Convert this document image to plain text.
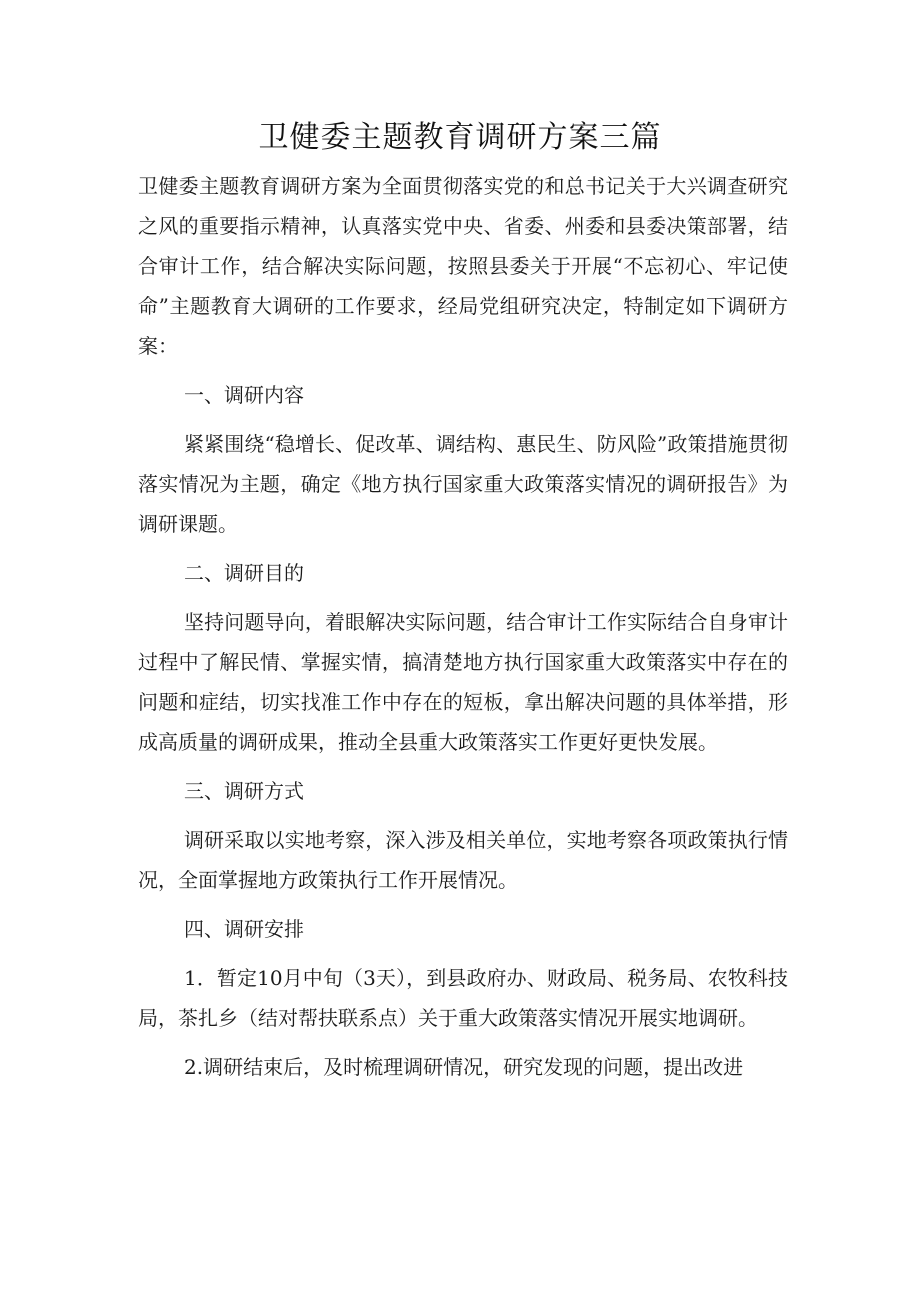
卫健委主题教育调研方案三篇

卫健委主题教育调研方案为全面贯彻落实党的和总书记关于大兴调查研究之风的重要指示精神，认真落实党中央、省委、州委和县委决策部署，结合审计工作，结合解决实际问题，按照县委关于开展“不忘初心、牢记使命”主题教育大调研的工作要求，经局党组研究决定，特制定如下调研方案：

一、调研内容

紧紧围绕“稳增长、促改革、调结构、惠民生、防风险”政策措施贯彻落实情况为主题，确定《地方执行国家重大政策落实情况的调研报告》为调研课题。

二、调研目的

坚持问题导向，着眼解决实际问题，结合审计工作实际结合自身审计过程中了解民情、掌握实情，搞清楚地方执行国家重大政策落实中存在的问题和症结，切实找准工作中存在的短板，拿出解决问题的具体举措，形成高质量的调研成果，推动全县重大政策落实工作更好更快发展。

三、调研方式

调研采取以实地考察，深入涉及相关单位，实地考察各项政策执行情况，全面掌握地方政策执行工作开展情况。

四、调研安排

1．暂定10月中旬（3天），到县政府办、财政局、税务局、农牧科技局，茶扎乡（结对帮扶联系点）关于重大政策落实情况开展实地调研。

2.调研结束后，及时梳理调研情况，研究发现的问题，提出改进
